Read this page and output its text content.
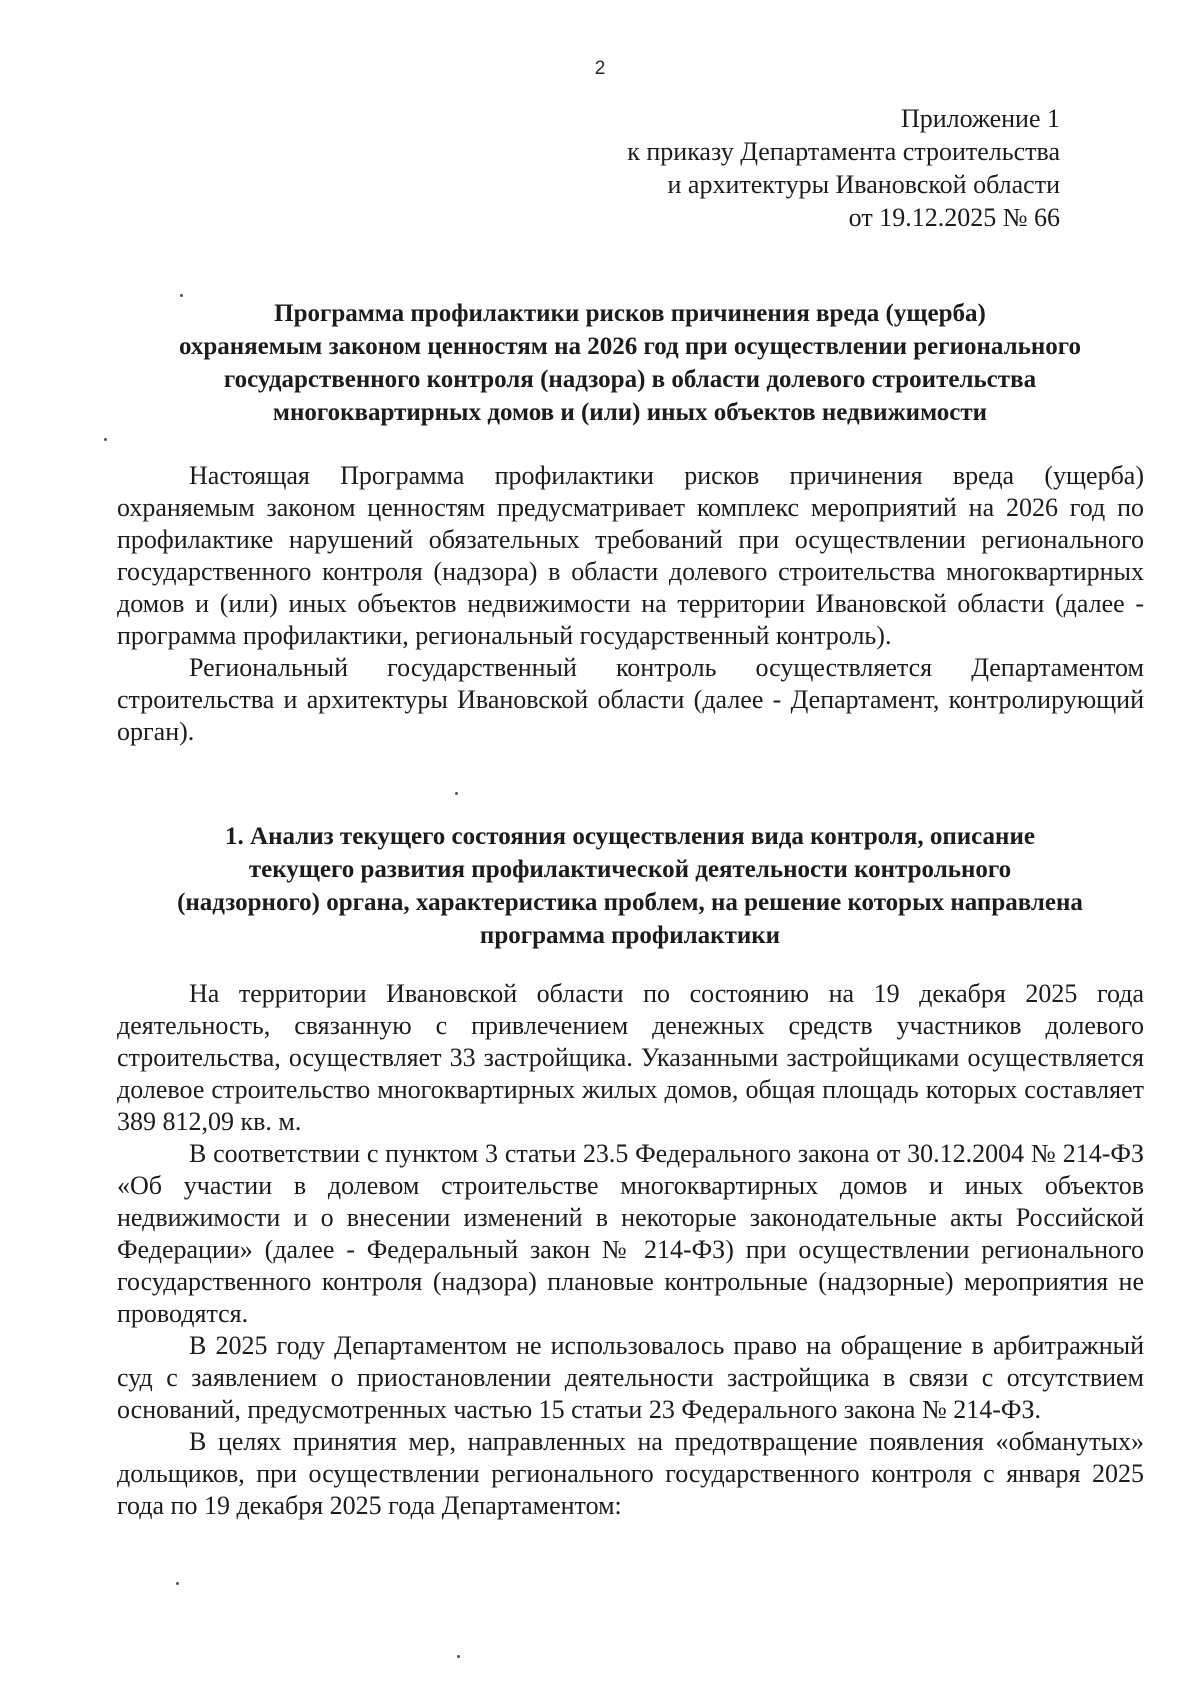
2
Приложение 1
к приказу Департамента строительства
и архитектуры Ивановской области
от 19.12.2025 № 66
Программа профилактики рисков причинения вреда (ущерба)
охраняемым законом ценностям на 2026 год при осуществлении регионального
государственного контроля (надзора) в области долевого строительства
многоквартирных домов и (или) иных объектов недвижимости

Настоящая Программа профилактики рисков причинения вреда (ущерба) охраняемым законом ценностям предусматривает комплекс мероприятий на 2026 год по профилактике нарушений обязательных требований при осуществлении регионального государственного контроля (надзора) в области долевого строительства многоквартирных домов и (или) иных объектов недвижимости на территории Ивановской области (далее - программа профилактики, региональный государственный контроль).

Региональный государственный контроль осуществляется Департаментом строительства и архитектуры Ивановской области (далее - Департамент, контролирующий орган).

1. Анализ текущего состояния осуществления вида контроля, описание
текущего развития профилактической деятельности контрольного
(надзорного) органа, характеристика проблем, на решение которых направлена
программа профилактики

На территории Ивановской области по состоянию на 19 декабря 2025 года деятельность, связанную с привлечением денежных средств участников долевого строительства, осуществляет 33 застройщика. Указанными застройщиками осуществляется долевое строительство многоквартирных жилых домов, общая площадь которых составляет 389 812,09 кв. м.

В соответствии с пунктом 3 статьи 23.5 Федерального закона от 30.12.2004 № 214-ФЗ «Об участии в долевом строительстве многоквартирных домов и иных объектов недвижимости и о внесении изменений в некоторые законодательные акты Российской Федерации» (далее - Федеральный закон № 214-ФЗ) при осуществлении регионального государственного контроля (надзора) плановые контрольные (надзорные) мероприятия не проводятся.

В 2025 году Департаментом не использовалось право на обращение в арбитражный суд с заявлением о приостановлении деятельности застройщика в связи с отсутствием оснований, предусмотренных частью 15 статьи 23 Федерального закона № 214-ФЗ.

В целях принятия мер, направленных на предотвращение появления «обманутых» дольщиков, при осуществлении регионального государственного контроля с января 2025 года по 19 декабря 2025 года Департаментом:
